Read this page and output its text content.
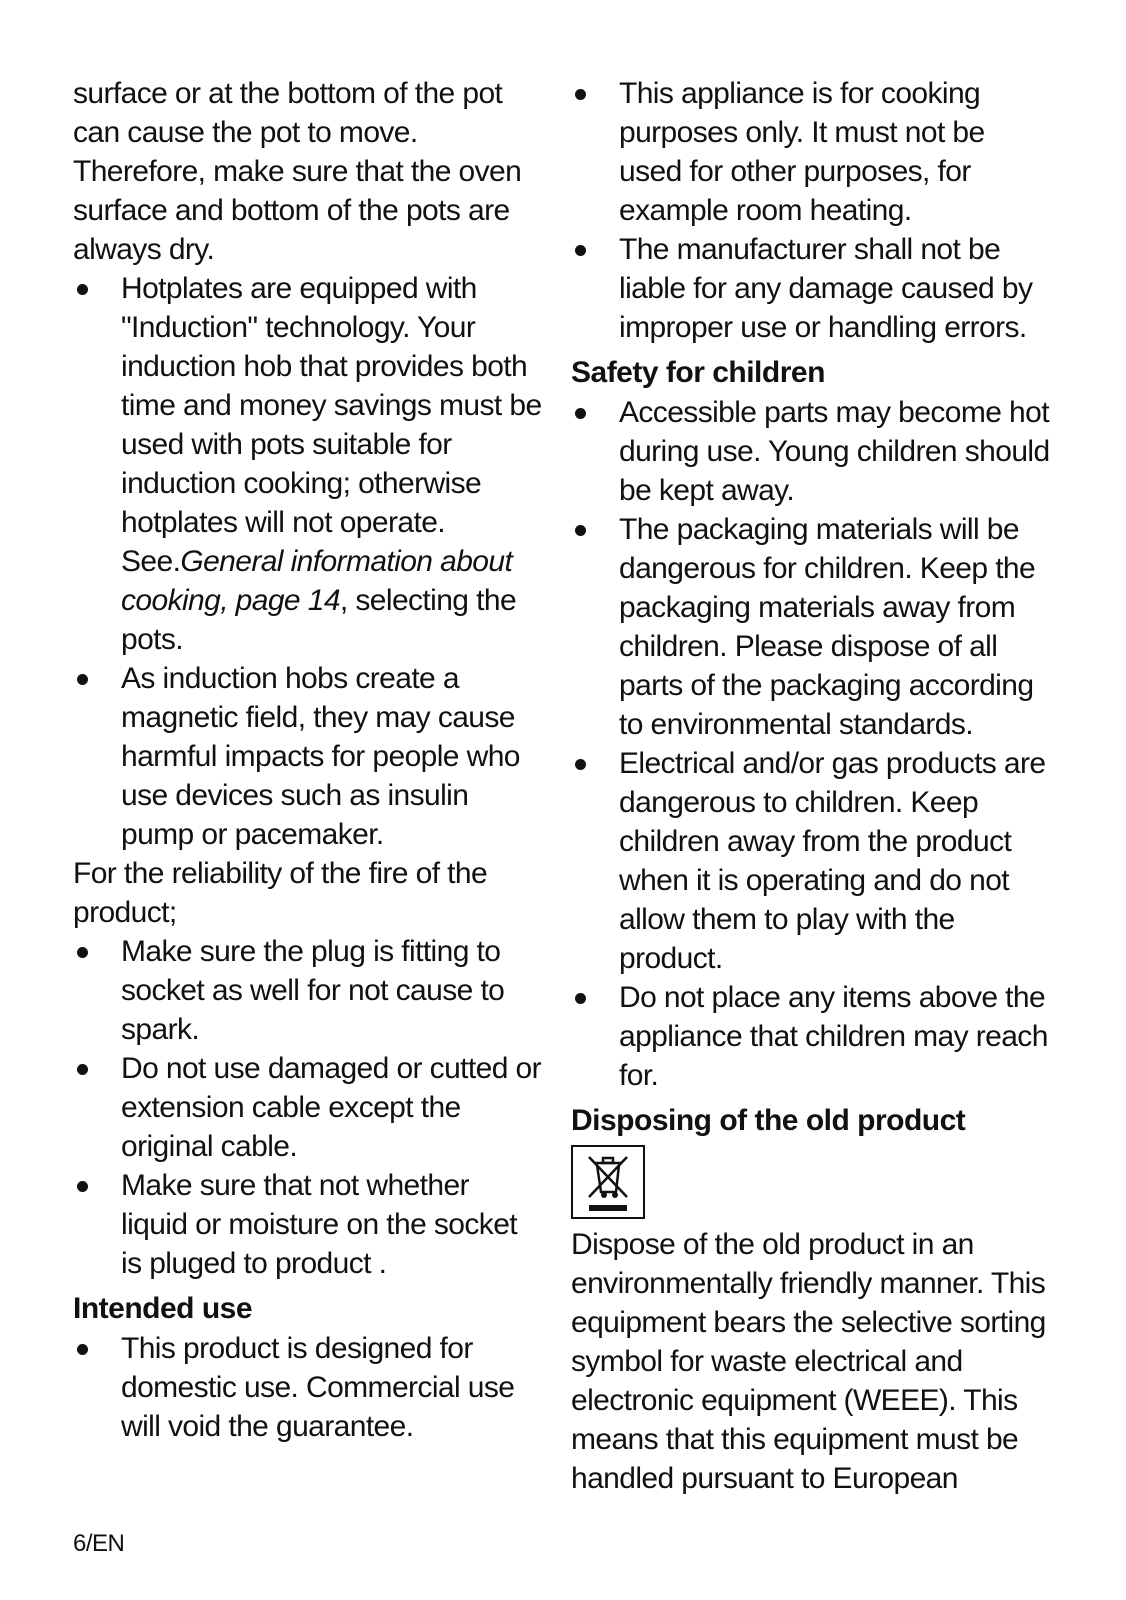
surface or at the bottom of the pot can cause the pot to move. Therefore, make sure that the oven surface and bottom of the pots are always dry.

Hotplates are equipped with "Induction" technology. Your induction hob that provides both time and money savings must be used with pots suitable for induction cooking; otherwise hotplates will not operate. See.General information about cooking, page 14, selecting the pots.
As induction hobs create a magnetic field, they may cause harmful impacts for people who use devices such as insulin pump or pacemaker.

For the reliability of the fire of the product;

Make sure the plug is fitting to socket as well for not cause to spark.
Do not use damaged or cutted or extension cable except the original cable.
Make sure that not whether liquid or moisture on the socket is pluged to product .
Intended use
This product is designed for domestic use. Commercial use will void the guarantee.
This appliance is for cooking purposes only. It must not be used for other purposes, for example room heating.
The manufacturer shall not be liable for any damage caused by improper use or handling errors.
Safety for children
Accessible parts may become hot during use. Young children should be kept away.
The packaging materials will be dangerous for children. Keep the packaging materials away from children. Please dispose of all parts of the packaging according to environmental standards.
Electrical and/or gas products are dangerous to children. Keep children away from the product when it is operating and do not allow them to play with the product.
Do not place any items above the appliance that children may reach for.
Disposing of the old product

Dispose of the old product in an environmentally friendly manner. This equipment bears the selective sorting symbol for waste electrical and electronic equipment (WEEE). This means that this equipment must be handled pursuant to European

6/EN
